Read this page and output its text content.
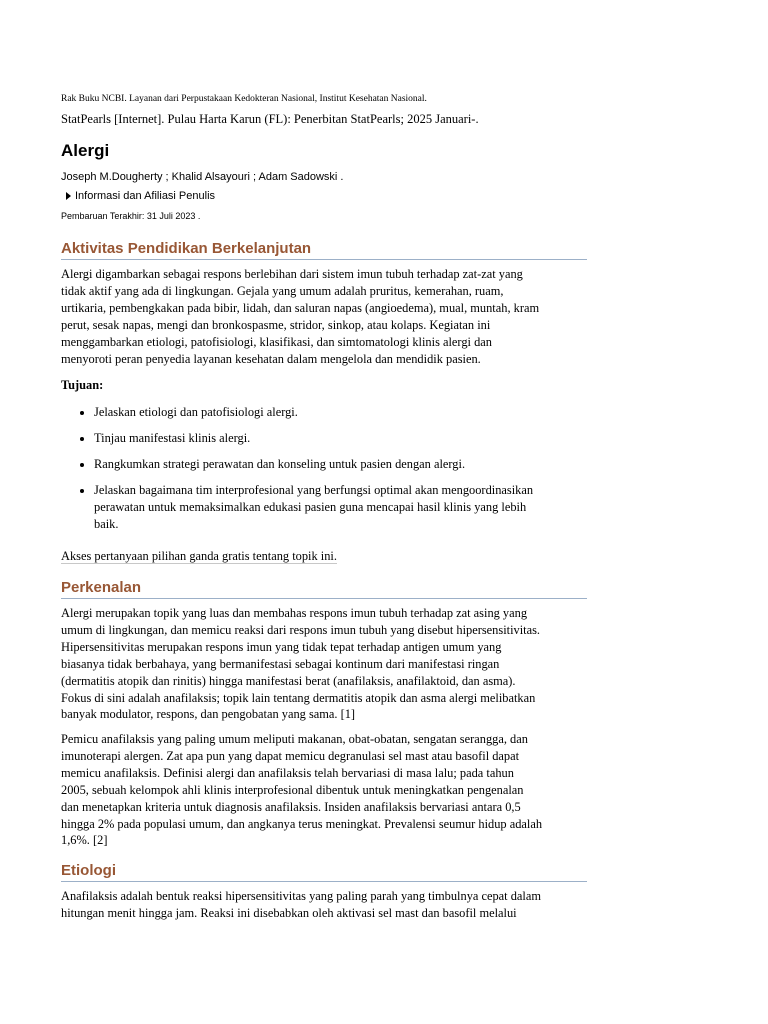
Rak Buku NCBI. Layanan dari Perpustakaan Kedokteran Nasional, Institut Kesehatan Nasional.
StatPearls [Internet]. Pulau Harta Karun (FL): Penerbitan StatPearls; 2025 Januari-.
Alergi
Joseph M.Dougherty ; Khalid Alsayouri ; Adam Sadowski .
Informasi dan Afiliasi Penulis
Pembaruan Terakhir: 31 Juli 2023 .
Aktivitas Pendidikan Berkelanjutan

Alergi digambarkan sebagai respons berlebihan dari sistem imun tubuh terhadap zat-zat yang
tidak aktif yang ada di lingkungan. Gejala yang umum adalah pruritus, kemerahan, ruam,
urtikaria, pembengkakan pada bibir, lidah, dan saluran napas (angioedema), mual, muntah, kram
perut, sesak napas, mengi dan bronkospasme, stridor, sinkop, atau kolaps. Kegiatan ini
menggambarkan etiologi, patofisiologi, klasifikasi, dan simtomatologi klinis alergi dan
menyoroti peran penyedia layanan kesehatan dalam mengelola dan mendidik pasien.

Tujuan:
• Jelaskan etiologi dan patofisiologi alergi.
• Tinjau manifestasi klinis alergi.
• Rangkumkan strategi perawatan dan konseling untuk pasien dengan alergi.
• Jelaskan bagaimana tim interprofesional yang berfungsi optimal akan mengoordinasikan
perawatan untuk memaksimalkan edukasi pasien guna mencapai hasil klinis yang lebih
baik.
Akses pertanyaan pilihan ganda gratis tentang topik ini.
Perkenalan

Alergi merupakan topik yang luas dan membahas respons imun tubuh terhadap zat asing yang
umum di lingkungan, dan memicu reaksi dari respons imun tubuh yang disebut hipersensitivitas.
Hipersensitivitas merupakan respons imun yang tidak tepat terhadap antigen umum yang
biasanya tidak berbahaya, yang bermanifestasi sebagai kontinum dari manifestasi ringan
(dermatitis atopik dan rinitis) hingga manifestasi berat (anafilaksis, anafilaktoid, dan asma).
Fokus di sini adalah anafilaksis; topik lain tentang dermatitis atopik dan asma alergi melibatkan
banyak modulator, respons, dan pengobatan yang sama. [1]

Pemicu anafilaksis yang paling umum meliputi makanan, obat-obatan, sengatan serangga, dan
imunoterapi alergen. Zat apa pun yang dapat memicu degranulasi sel mast atau basofil dapat
memicu anafilaksis. Definisi alergi dan anafilaksis telah bervariasi di masa lalu; pada tahun
2005, sebuah kelompok ahli klinis interprofesional dibentuk untuk meningkatkan pengenalan
dan menetapkan kriteria untuk diagnosis anafilaksis. Insiden anafilaksis bervariasi antara 0,5
hingga 2% pada populasi umum, dan angkanya terus meningkat. Prevalensi seumur hidup adalah
1,6%. [2]

Etiologi

Anafilaksis adalah bentuk reaksi hipersensitivitas yang paling parah yang timbulnya cepat dalam
hitungan menit hingga jam. Reaksi ini disebabkan oleh aktivasi sel mast dan basofil melalui
